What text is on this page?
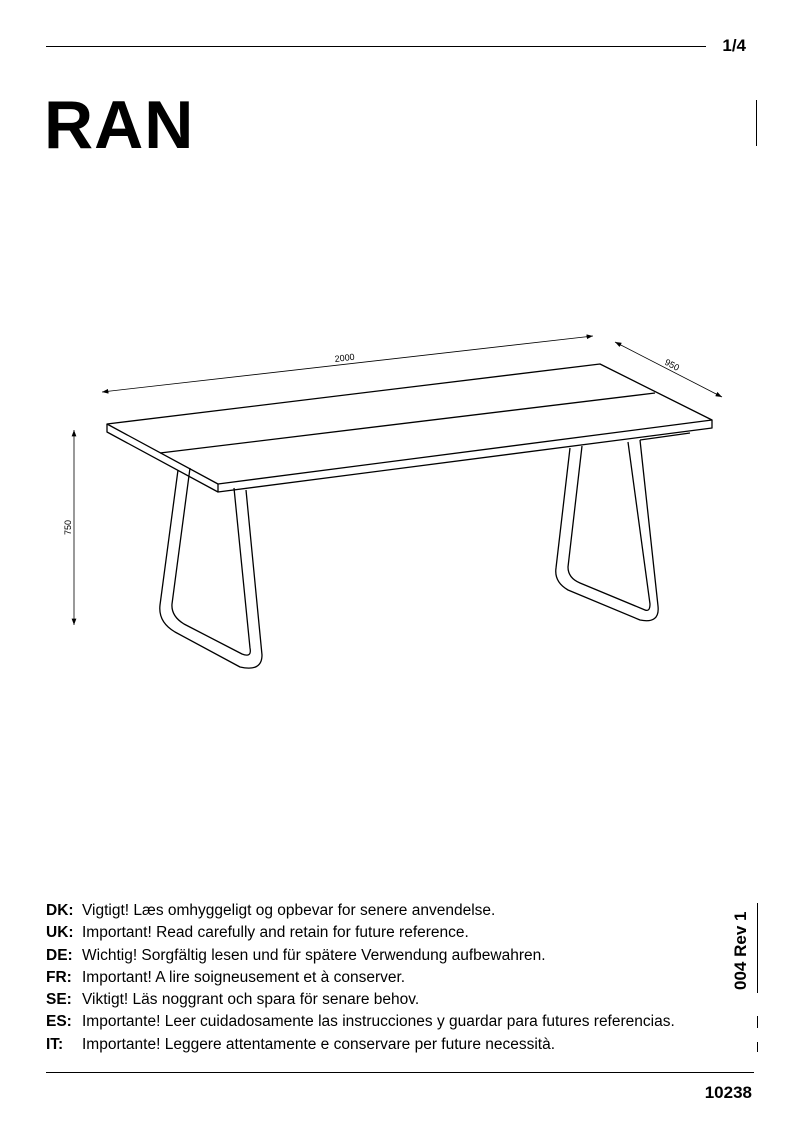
1/4
RAN
2000	950
750
DK: Vigtigt! Læs omhyggeligt og opbevar for senere anvendelse.
UK: Important! Read carefully and retain for future reference.
DE: Wichtig! Sorgfältig lesen und für spätere Verwendung aufbewahren.
FR: Important! A lire soigneusement et à conserver.
SE: Viktigt! Läs noggrant och spara för senare behov.
ES: Importante! Leer cuidadosamente las instrucciones y guardar para futures referencias.
IT: Importante! Leggere attentamente e conservare per future necessità.
004 Rev 1
10238
